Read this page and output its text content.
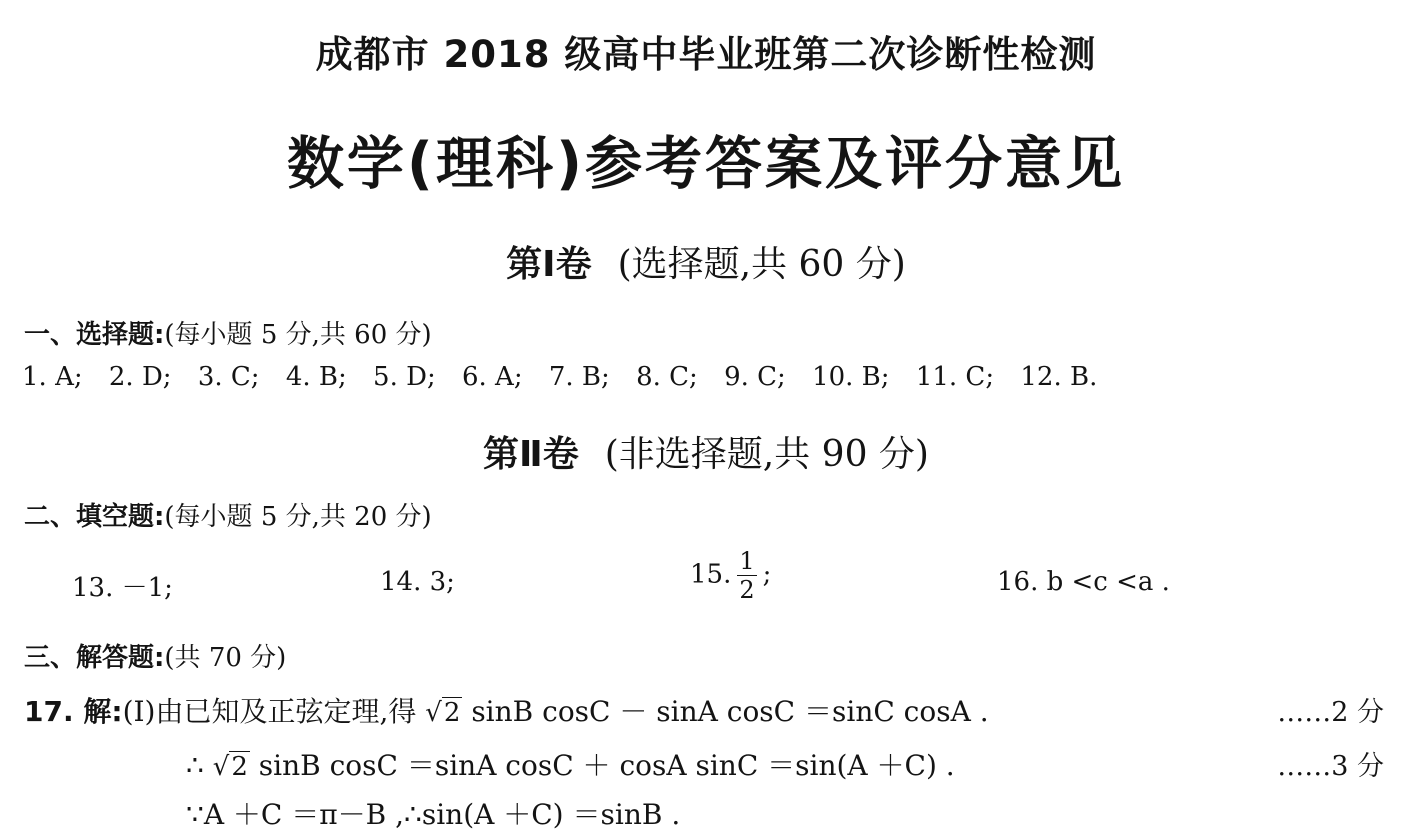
成都市 2018 级高中毕业班第二次诊断性检测
数学(理科)参考答案及评分意见
第Ⅰ卷 (选择题,共 60 分)
一、选择题:(每小题 5 分,共 60 分)
1. A; 2. D; 3. C; 4. B; 5. D; 6. A; 7. B; 8. C; 9. C; 10. B; 11. C; 12. B.
第Ⅱ卷 (非选择题,共 90 分)
二、填空题:(每小题 5 分,共 20 分)
13. －1;	14. 3;	15. $\frac{1}{2}$ ;	16. b <c <a .
三、解答题:(共 70 分)
17. 解:(Ⅰ)由已知及正弦定理,得 √2 sinB cosC － sinA cosC ＝sinC cosA .	……2 分
∴ √2 sinB cosC ＝sinA cosC ＋ cosA sinC ＝sin(A ＋C) .	……3 分
∵A ＋C ＝π－B ,∴sin(A ＋C) ＝sinB .
